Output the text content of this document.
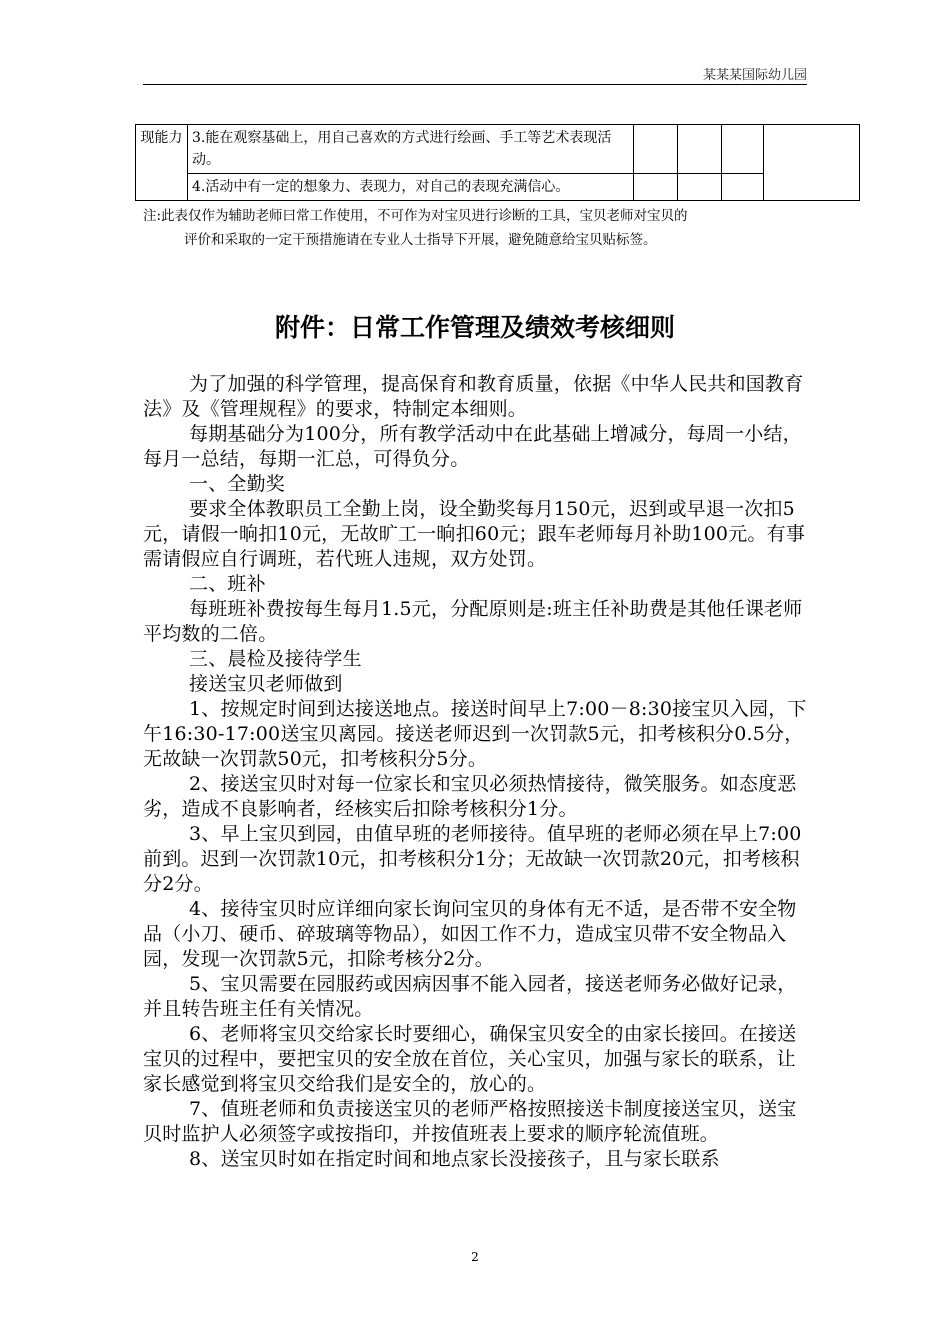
某某某国际幼儿园
现能力	3.能在观察基础上，用自己喜欢的方式进行绘画、手工等艺术表现活动。				
	4.活动中有一定的想象力、表现力，对自己的表现充满信心。				

注:此表仅作为辅助老师曰常工作使用，不可作为对宝贝进行诊断的工具，宝贝老师对宝贝的

评价和采取的一定干预措施请在专业人士指导下开展，避免随意给宝贝贴标签。

附件：日常工作管理及绩效考核细则

为了加强的科学管理，提高保育和教育质量，依据《中华人民共和国教育法》及《管理规程》的要求，特制定本细则。

每期基础分为100分，所有教学活动中在此基础上增减分，每周一小结，每月一总结，每期一汇总，可得负分。

一、全勤奖

要求全体教职员工全勤上岗，设全勤奖每月150元，迟到或早退一次扣5元，请假一晌扣10元，无故旷工一晌扣60元；跟车老师每月补助100元。有事需请假应自行调班，若代班人违规，双方处罚。

二、班补

每班班补费按每生每月1.5元，分配原则是:班主任补助费是其他任课老师平均数的二倍。

三、晨检及接待学生

接送宝贝老师做到

1、按规定时间到达接送地点。接送时间早上7:00－8:30接宝贝入园，下午16:30-17:00送宝贝离园。接送老师迟到一次罚款5元，扣考核积分0.5分，无故缺一次罚款50元，扣考核积分5分。

2、接送宝贝时对每一位家长和宝贝必须热情接待，微笑服务。如态度恶劣，造成不良影响者，经核实后扣除考核积分1分。

3、早上宝贝到园，由值早班的老师接待。值早班的老师必须在早上7:00前到。迟到一次罚款10元，扣考核积分1分；无故缺一次罚款20元，扣考核积分2分。

4、接待宝贝时应详细向家长询问宝贝的身体有无不适，是否带不安全物品（小刀、硬币、碎玻璃等物品），如因工作不力，造成宝贝带不安全物品入园，发现一次罚款5元，扣除考核分2分。

5、宝贝需要在园服药或因病因事不能入园者，接送老师务必做好记录，并且转告班主任有关情况。

6、老师将宝贝交给家长时要细心，确保宝贝安全的由家长接回。在接送宝贝的过程中，要把宝贝的安全放在首位，关心宝贝，加强与家长的联系，让家长感觉到将宝贝交给我们是安全的，放心的。

7、值班老师和负责接送宝贝的老师严格按照接送卡制度接送宝贝，送宝贝时监护人必须签字或按指印，并按值班表上要求的顺序轮流值班。

8、送宝贝时如在指定时间和地点家长没接孩子，且与家长联系

2
